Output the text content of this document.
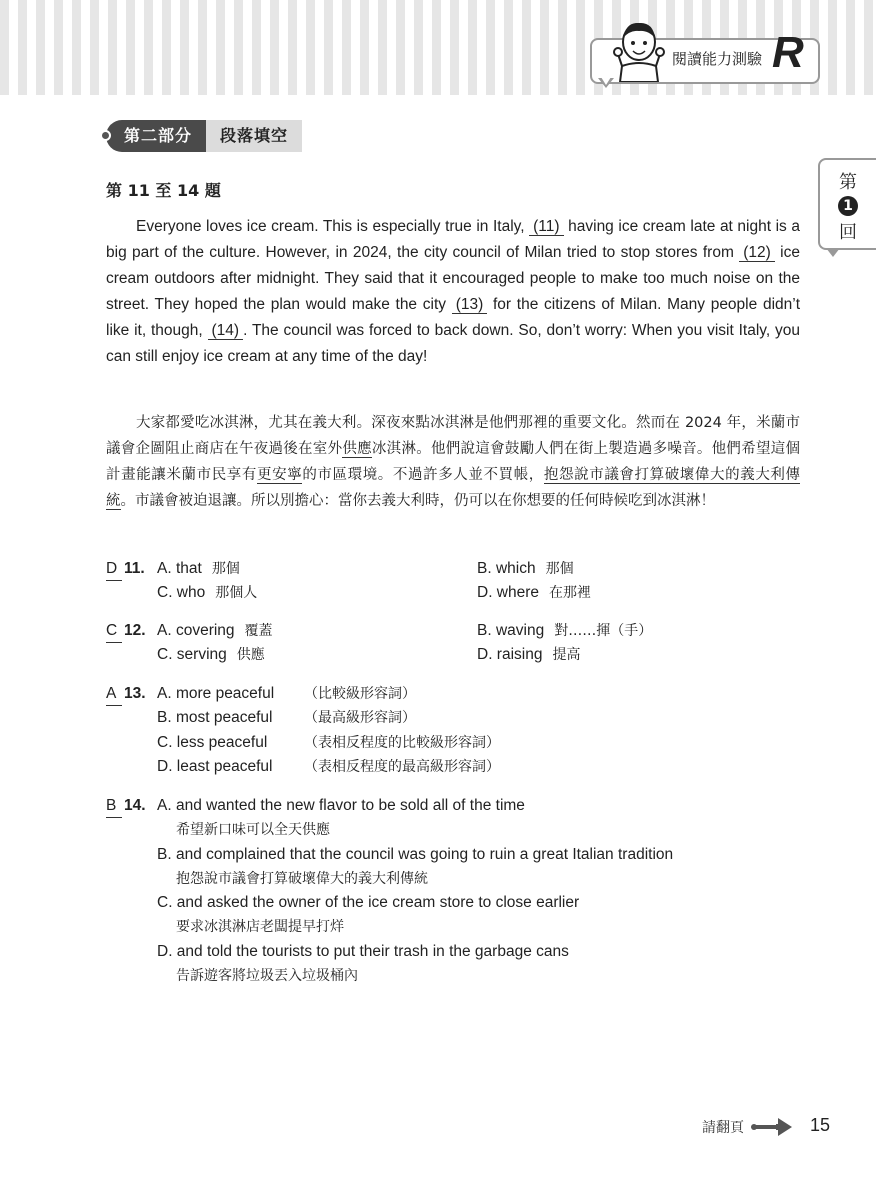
閱讀能力測驗 R
第
1
回
第二部分	段落填空
第 11 至 14 題
Everyone loves ice cream. This is especially true in Italy, (11) having ice cream late at night is a big part of the culture. However, in 2024, the city council of Milan tried to stop stores from (12) ice cream outdoors after midnight. They said that it encouraged people to make too much noise on the street. They hoped the plan would make the city (13) for the citizens of Milan. Many people didn’t like it, though, (14) . The council was forced to back down. So, don’t worry: When you visit Italy, you can still enjoy ice cream at any time of the day!
大家都愛吃冰淇淋，尤其在義大利。深夜來點冰淇淋是他們那裡的重要文化。然而在 2024 年，米蘭市議會企圖阻止商店在午夜過後在室外供應冰淇淋。他們說這會鼓勵人們在街上製造過多噪音。他們希望這個計畫能讓米蘭市民享有更安寧的市區環境。不過許多人並不買帳，抱怨說市議會打算破壞偉大的義大利傳統。市議會被迫退讓。所以別擔心：當你去義大利時，仍可以在你想要的任何時候吃到冰淇淋！
D 11. A. that 那個	B. which 那個
C. who 那個人	D. where 在那裡
C 12. A. covering 覆蓋	B. waving 對……揮（手）
C. serving 供應	D. raising 提高
A 13. A. more peaceful （比較級形容詞）
B. most peaceful （最高級形容詞）
C. less peaceful	（表相反程度的比較級形容詞）
D. least peaceful （表相反程度的最高級形容詞）
B 14. A. and wanted the new flavor to be sold all of the time
希望新口味可以全天供應
B. and complained that the council was going to ruin a great Italian tradition
抱怨說市議會打算破壞偉大的義大利傳統
C. and asked the owner of the ice cream store to close earlier
要求冰淇淋店老闆提早打烊
D. and told the tourists to put their trash in the garbage cans
告訴遊客將垃圾丟入垃圾桶內
請翻頁	15
